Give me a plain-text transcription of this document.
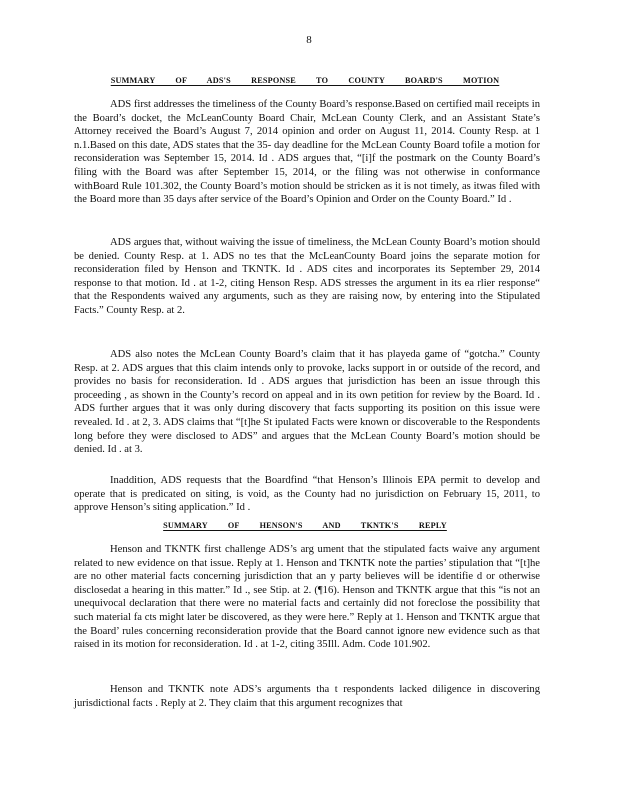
8
SUMMARY OF ADS'S RESPONSE TO COUNTY BOARD'S MOTION

ADS first addresses the timeliness of the County Board’s response.Based on certified mail receipts in the Board’s docket, the McLeanCounty Board Chair, McLean County Clerk, and an Assistant State’s Attorney received the Board’s August 7, 2014 opinion and order on August 11, 2014. County Resp. at 1 n.1.Based on this date, ADS states that the 35- day deadline for the McLean County Board tofile a motion for reconsideration was September 15, 2014. Id . ADS argues that, “[i]f the postmark on the County Board’s filing with the Board was after September 15, 2014, or the filing was not otherwise in conformance withBoard Rule 101.302, the County Board’s motion should be stricken as it is not timely, as itwas filed with the Board more than 35 days after service of the Board’s Opinion and Order on the County Board.” Id .

ADS argues that, without waiving the issue of timeliness, the McLean County Board’s motion should be denied. County Resp. at 1. ADS no tes that the McLeanCounty Board joins the separate motion for reconsideration filed by Henson and TKNTK. Id . ADS cites and incorporates its September 29, 2014 response to that motion. Id . at 1-2, citing Henson Resp. ADS stresses the argument in its ea rlier response“ that the Respondents waived any arguments, such as they are raising now, by entering into the Stipulated Facts.” County Resp. at 2.

ADS also notes the McLean County Board’s claim that it has playeda game of “gotcha.” County Resp. at 2. ADS argues that this claim intends only to provoke, lacks support in or outside of the record, and provides no basis for reconsideration. Id . ADS argues that jurisdiction has been an issue through this proceeding , as shown in the County’s record on appeal and in its own petition for review by the Board. Id . ADS further argues that it was only during discovery that facts supporting its position on this issue were revealed. Id . at 2, 3. ADS claims that “[t]he St ipulated Facts were known or discoverable to the Respondents long before they were disclosed to ADS” and argues that the McLean County Board’s motion should be denied. Id . at 3.

Inaddition, ADS requests that the Boardfind “that Henson’s Illinois EPA permit to develop and operate that is predicated on siting, is void, as the County had no jurisdiction on February 15, 2011, to approve Henson’s siting application.” Id .

SUMMARY OF HENSON'S AND TKNTK'S REPLY

Henson and TKNTK first challenge ADS’s arg ument that the stipulated facts waive any argument related to new evidence on that issue. Reply at 1. Henson and TKNTK note the parties’ stipulation that “[t]he are no other material facts concerning jurisdiction that an y party believes will be identifie d or otherwise disclosedat a hearing in this matter.” Id ., see Stip. at 2. (¶16). Henson and TKNTK argue that this “is not an unequivocal declaration that there were no material facts and certainly did not foreclose the possibility that such material fa cts might later be discovered, as they were here.” Reply at 1. Henson and TKNTK argue that the Board’ rules concerning reconsideration provide that the Board cannot ignore new evidence such as that raised in its motion for reconsideration. Id . at 1-2, citing 35Ill. Adm. Code 101.902.

Henson and TKNTK note ADS’s arguments tha t respondents lacked diligence in discovering jurisdictional facts . Reply at 2. They claim that this argument recognizes that
